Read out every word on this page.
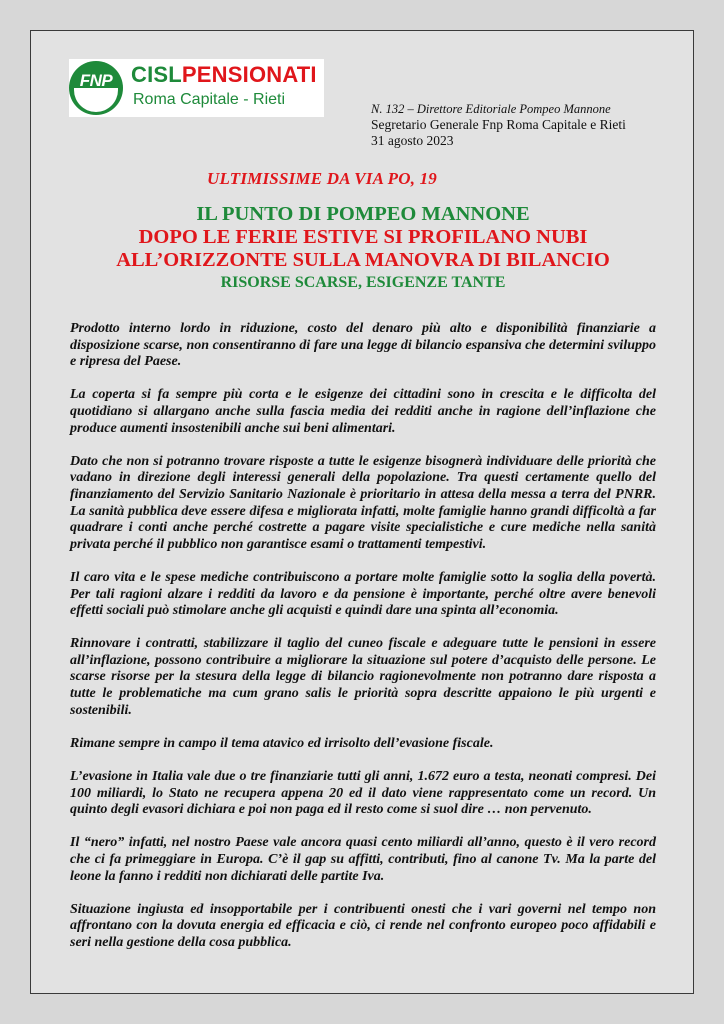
FNP CISLPENSIONATI
Roma Capitale - Rieti
N. 132 – Direttore Editoriale Pompeo Mannone
Segretario Generale Fnp Roma Capitale e Rieti
31 agosto 2023
ULTIMISSIME DA VIA PO, 19
IL PUNTO DI POMPEO MANNONE
DOPO LE FERIE ESTIVE SI PROFILANO NUBI
ALL’ORIZZONTE SULLA MANOVRA DI BILANCIO
RISORSE SCARSE, ESIGENZE TANTE

Prodotto interno lordo in riduzione, costo del denaro più alto e disponibilità finanziarie a disposizione scarse, non consentiranno di fare una legge di bilancio espansiva che determini sviluppo e ripresa del Paese.

La coperta si fa sempre più corta e le esigenze dei cittadini sono in crescita e le difficolta del quotidiano si allargano anche sulla fascia media dei redditi anche in ragione dell’inflazione che produce aumenti insostenibili anche sui beni alimentari.

Dato che non si potranno trovare risposte a tutte le esigenze bisognerà individuare delle priorità che vadano in direzione degli interessi generali della popolazione. Tra questi certamente quello del finanziamento del Servizio Sanitario Nazionale è prioritario in attesa della messa a terra del PNRR. La sanità pubblica deve essere difesa e migliorata infatti, molte famiglie hanno grandi difficoltà a far quadrare i conti anche perché costrette a pagare visite specialistiche e cure mediche nella sanità privata perché il pubblico non garantisce esami o trattamenti tempestivi.

Il caro vita e le spese mediche contribuiscono a portare molte famiglie sotto la soglia della povertà. Per tali ragioni alzare i redditi da lavoro e da pensione è importante, perché oltre avere benevoli effetti sociali può stimolare anche gli acquisti e quindi dare una spinta all’economia.

Rinnovare i contratti, stabilizzare il taglio del cuneo fiscale e adeguare tutte le pensioni in essere all’inflazione, possono contribuire a migliorare la situazione sul potere d’acquisto delle persone. Le scarse risorse per la stesura della legge di bilancio ragionevolmente non potranno dare risposta a tutte le problematiche ma cum grano salis le priorità sopra descritte appaiono le più urgenti e sostenibili.

Rimane sempre in campo il tema atavico ed irrisolto dell’evasione fiscale.

L’evasione in Italia vale due o tre finanziarie tutti gli anni, 1.672 euro a testa, neonati compresi. Dei 100 miliardi, lo Stato ne recupera appena 20 ed il dato viene rappresentato come un record. Un quinto degli evasori dichiara e poi non paga ed il resto come si suol dire … non pervenuto.

Il “nero” infatti, nel nostro Paese vale ancora quasi cento miliardi all’anno, questo è il vero record che ci fa primeggiare in Europa. C’è il gap su affitti, contributi, fino al canone Tv. Ma la parte del leone la fanno i redditi non dichiarati delle partite Iva.

Situazione ingiusta ed insopportabile per i contribuenti onesti che i vari governi nel tempo non affrontano con la dovuta energia ed efficacia e ciò, ci rende nel confronto europeo poco affidabili e seri nella gestione della cosa pubblica.
